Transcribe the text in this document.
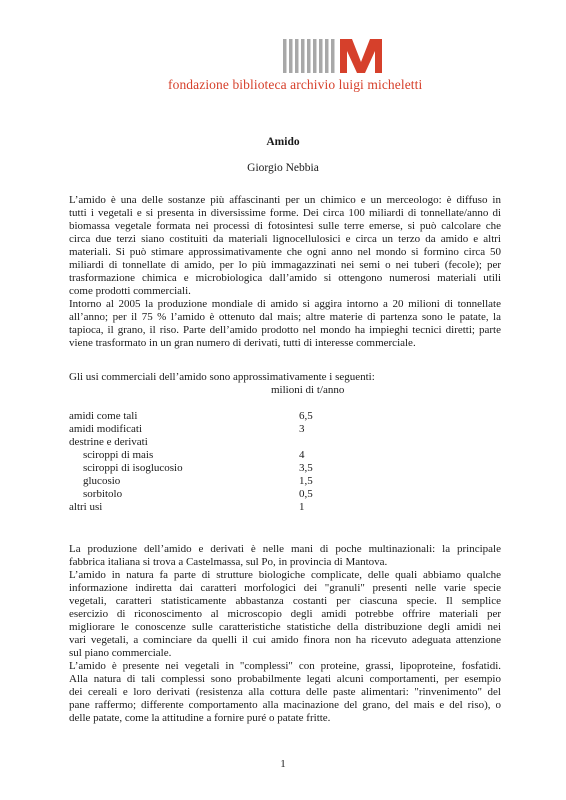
fondazione biblioteca archivio luigi micheletti
Amido
Giorgio Nebbia
L’amido è una delle sostanze più affascinanti per un chimico e un merceologo: è diffuso in
tutti i vegetali e si presenta in diversissime forme. Dei circa 100 miliardi di tonnellate/anno di
biomassa vegetale formata nei processi di fotosintesi sulle terre emerse, si può calcolare che
circa due terzi siano costituiti da materiali lignocellulosici e circa un terzo da amido e altri
materiali. Si può stimare approssimativamente che ogni anno nel mondo si formino circa 50
miliardi di tonnellate di amido, per lo più immagazzinati nei semi o nei tuberi (fecole); per
trasformazione chimica e microbiologica dall’amido si ottengono numerosi materiali utili
come prodotti commerciali.
Intorno al 2005 la produzione mondiale di amido si aggira intorno a 20 milioni di tonnellate
all’anno; per il 75 % l’amido è ottenuto dal mais; altre materie di partenza sono le patate, la
tapioca, il grano, il riso. Parte dell’amido prodotto nel mondo ha impieghi tecnici diretti; parte
viene trasformato in un gran numero di derivati, tutti di interesse commerciale.
Gli usi commerciali dell’amido sono approssimativamente i seguenti:
milioni di t/anno
amidi come tali	6,5
amidi modificati	3
destrine e derivati
sciroppi di mais	4
sciroppi di isoglucosio	3,5
glucosio	1,5
sorbitolo	0,5
altri usi	1
La produzione dell’amido e derivati è nelle mani di poche multinazionali: la principale
fabbrica italiana si trova a Castelmassa, sul Po, in provincia di Mantova.
L’amido in natura fa parte di strutture biologiche complicate, delle quali abbiamo qualche
informazione indiretta dai caratteri morfologici dei "granuli" presenti nelle varie specie
vegetali, caratteri statisticamente abbastanza costanti per ciascuna specie. Il semplice
esercizio di riconoscimento al microscopio degli amidi potrebbe offrire materiali per
migliorare le conoscenze sulle caratteristiche statistiche della distribuzione degli amidi nei
vari vegetali, a cominciare da quelli il cui amido finora non ha ricevuto adeguata attenzione
sul piano commerciale.
L’amido è presente nei vegetali in "complessi" con proteine, grassi, lipoproteine, fosfatidi.
Alla natura di tali complessi sono probabilmente legati alcuni comportamenti, per esempio
dei cereali e loro derivati (resistenza alla cottura delle paste alimentari: "rinvenimento" del
pane raffermo; differente comportamento alla macinazione del grano, del mais e del riso), o
delle patate, come la attitudine a fornire puré o patate fritte.
1
